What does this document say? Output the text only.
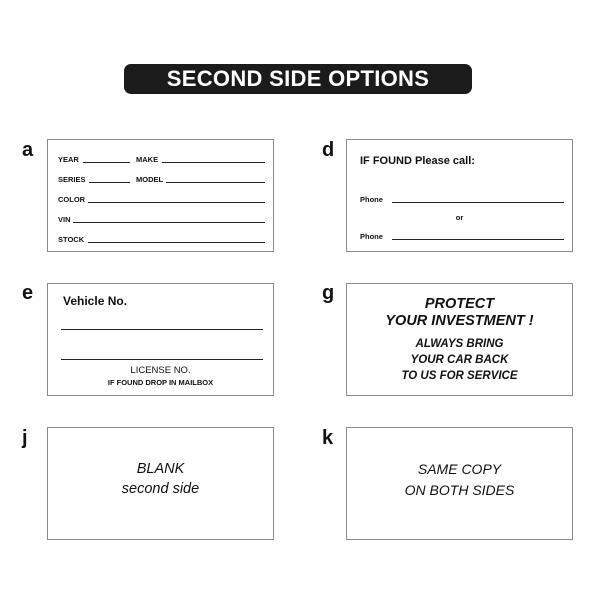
SECOND SIDE OPTIONS
a	YEAR	MAKE
SERIES	MODEL
COLOR
VIN
STOCK
d IF FOUND Please call:
Phone
or
Phone
e Vehicle No.
LICENSE NO.
IF FOUND DROP IN MAILBOX
g	PROTECT
YOUR INVESTMENT !
ALWAYS BRING
YOUR CAR BACK
TO US FOR SERVICE
j
BLANK
second side
k
SAME COPY
ON BOTH SIDES
